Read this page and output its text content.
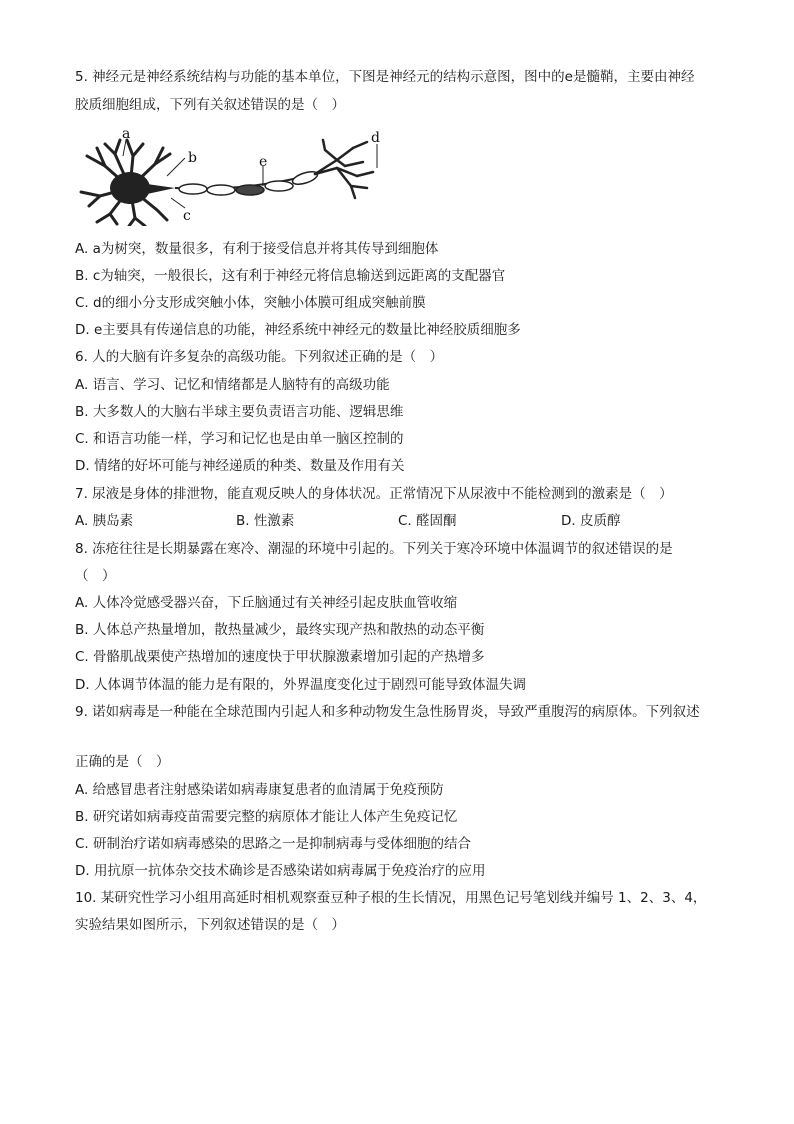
5. 神经元是神经系统结构与功能的基本单位，下图是神经元的结构示意图，图中的e是髓鞘，主要由神经
胶质细胞组成，下列有关叙述错误的是（　）
a
b
c
e
d
A. a为树突，数量很多，有利于接受信息并将其传导到细胞体
B. c为轴突，一般很长，这有利于神经元将信息输送到远距离的支配器官
C. d的细小分支形成突触小体，突触小体膜可组成突触前膜
D. e主要具有传递信息的功能，神经系统中神经元的数量比神经胶质细胞多
6. 人的大脑有许多复杂的高级功能。下列叙述正确的是（　）
A. 语言、学习、记忆和情绪都是人脑特有的高级功能
B. 大多数人的大脑右半球主要负责语言功能、逻辑思维
C. 和语言功能一样，学习和记忆也是由单一脑区控制的
D. 情绪的好坏可能与神经递质的种类、数量及作用有关
7. 尿液是身体的排泄物，能直观反映人的身体状况。正常情况下从尿液中不能检测到的激素是（　）
A. 胰岛素	B. 性激素	C. 醛固酮	D. 皮质醇
8. 冻疮往往是长期暴露在寒冷、潮湿的环境中引起的。下列关于寒冷环境中体温调节的叙述错误的是
（　）
A. 人体冷觉感受器兴奋，下丘脑通过有关神经引起皮肤血管收缩
B. 人体总产热量增加，散热量减少，最终实现产热和散热的动态平衡
C. 骨骼肌战栗使产热增加的速度快于甲状腺激素增加引起的产热增多
D. 人体调节体温的能力是有限的，外界温度变化过于剧烈可能导致体温失调
9. 诺如病毒是一种能在全球范围内引起人和多种动物发生急性肠胃炎，导致严重腹泻的病原体。下列叙述
正确的是（　）
A. 给感冒患者注射感染诺如病毒康复患者的血清属于免疫预防
B. 研究诺如病毒疫苗需要完整的病原体才能让人体产生免疫记忆
C. 研制治疗诺如病毒感染的思路之一是抑制病毒与受体细胞的结合
D. 用抗原一抗体杂交技术确诊是否感染诺如病毒属于免疫治疗的应用
10. 某研究性学习小组用高延时相机观察蚕豆种子根的生长情况，用黑色记号笔划线并编号 1、2、3、4，
实验结果如图所示，下列叙述错误的是（　）
